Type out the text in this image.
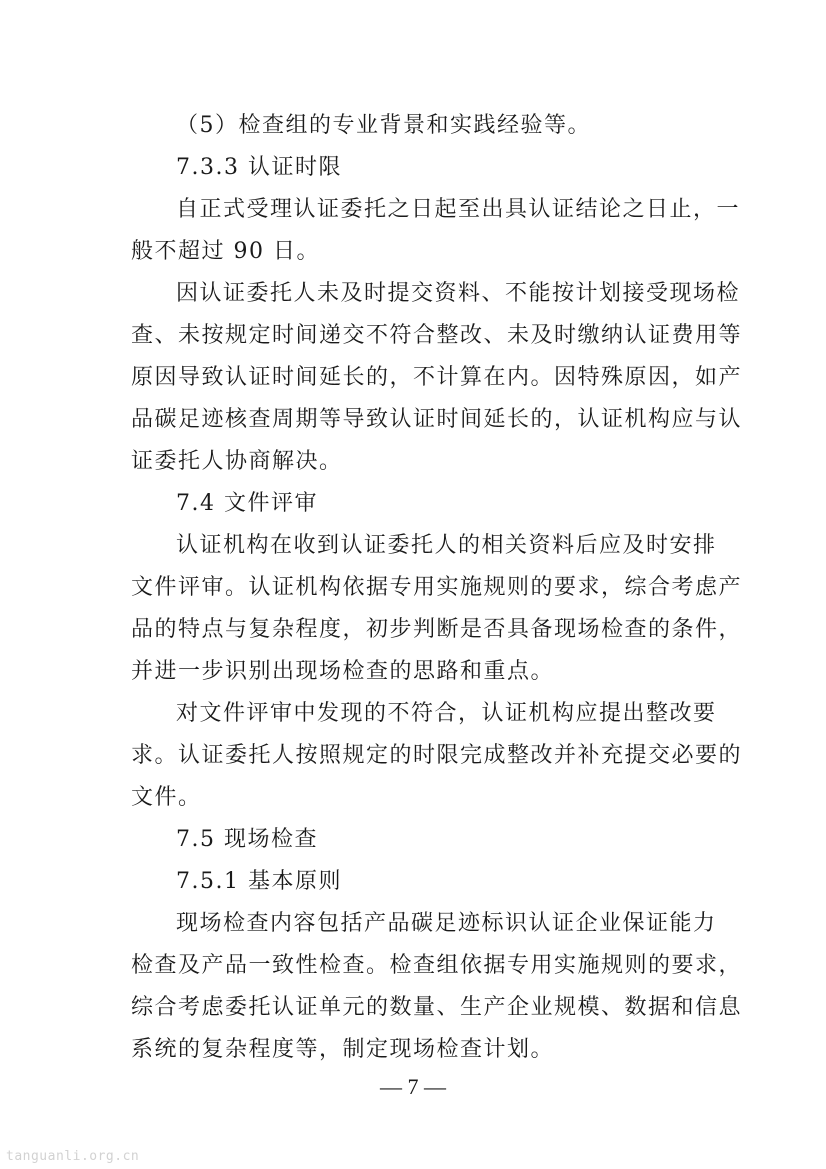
（5）检查组的专业背景和实践经验等。
7.3.3 认证时限
自正式受理认证委托之日起至出具认证结论之日止，一
般不超过 90 日。
因认证委托人未及时提交资料、不能按计划接受现场检
查、未按规定时间递交不符合整改、未及时缴纳认证费用等
原因导致认证时间延长的，不计算在内。因特殊原因，如产
品碳足迹核查周期等导致认证时间延长的，认证机构应与认
证委托人协商解决。
7.4 文件评审
认证机构在收到认证委托人的相关资料后应及时安排
文件评审。认证机构依据专用实施规则的要求，综合考虑产
品的特点与复杂程度，初步判断是否具备现场检查的条件，
并进一步识别出现场检查的思路和重点。
对文件评审中发现的不符合，认证机构应提出整改要
求。认证委托人按照规定的时限完成整改并补充提交必要的
文件。
7.5 现场检查
7.5.1 基本原则
现场检查内容包括产品碳足迹标识认证企业保证能力
检查及产品一致性检查。检查组依据专用实施规则的要求，
综合考虑委托认证单元的数量、生产企业规模、数据和信息
系统的复杂程度等，制定现场检查计划。
— 7 —
tanguanli.org.cn
